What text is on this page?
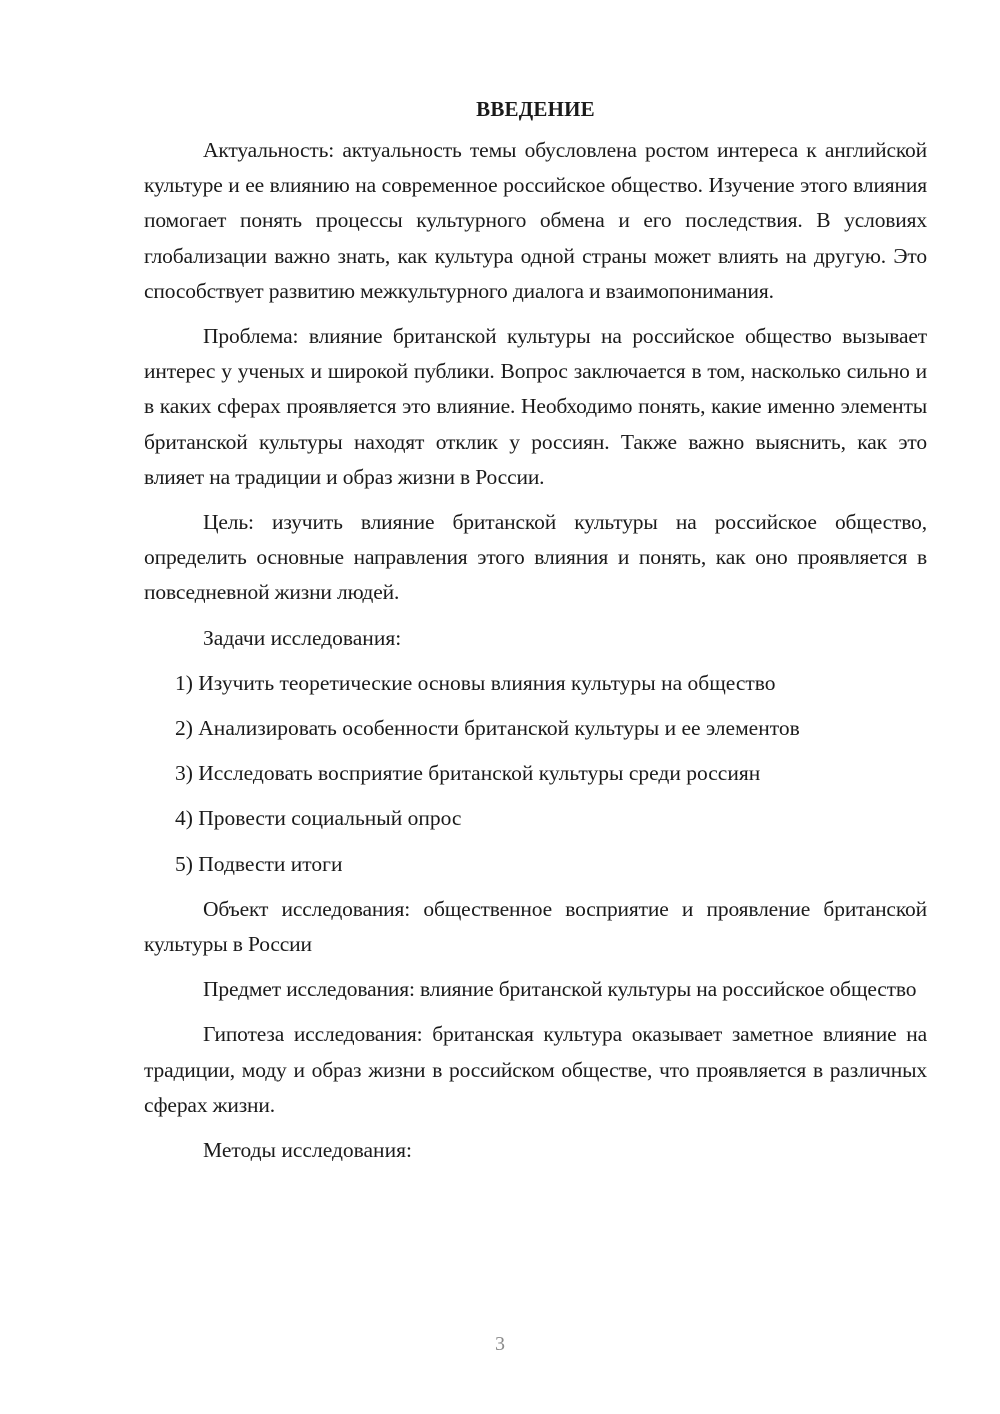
ВВЕДЕНИЕ

Актуальность: актуальность темы обусловлена ростом интереса к английской культуре и ее влиянию на современное российское общество. Изучение этого влияния помогает понять процессы культурного обмена и его последствия. В условиях глобализации важно знать, как культура одной страны может влиять на другую. Это способствует развитию межкультурного диалога и взаимопонимания.

Проблема: влияние британской культуры на российское общество вызывает интерес у ученых и широкой публики. Вопрос заключается в том, насколько сильно и в каких сферах проявляется это влияние. Необходимо понять, какие именно элементы британской культуры находят отклик у россиян. Также важно выяснить, как это влияет на традиции и образ жизни в России.

Цель: изучить влияние британской культуры на российское общество, определить основные направления этого влияния и понять, как оно проявляется в повседневной жизни людей.

Задачи исследования:

1) Изучить теоретические основы влияния культуры на общество
2) Анализировать особенности британской культуры и ее элементов
3) Исследовать восприятие британской культуры среди россиян
4) Провести социальный опрос
5) Подвести итоги

Объект исследования: общественное восприятие и проявление британской культуры в России

Предмет исследования: влияние британской культуры на российское общество

Гипотеза исследования: британская культура оказывает заметное влияние на традиции, моду и образ жизни в российском обществе, что проявляется в различных сферах жизни.

Методы исследования:

3
